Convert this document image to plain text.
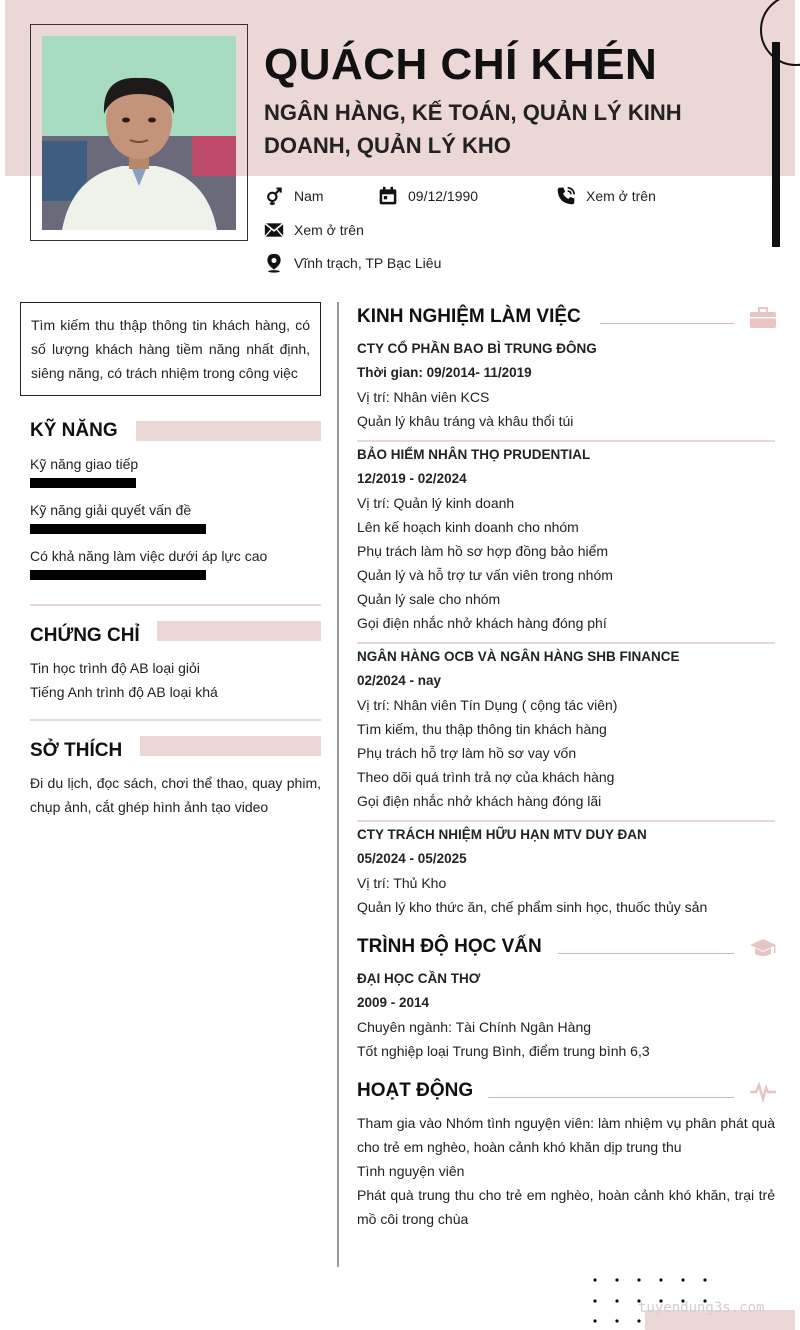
QUÁCH CHÍ KHÉN
NGÂN HÀNG, KẾ TOÁN, QUẢN LÝ KINH DOANH, QUẢN LÝ KHO
Nam	09/12/1990	Xem ở trên
Xem ở trên
Vĩnh trạch, TP Bạc Liêu
Tìm kiếm thu thập thông tin khách hàng, có số lượng khách hàng tiềm năng nhất định, siêng năng, có trách nhiệm trong công việc
KỸ NĂNG
Kỹ năng giao tiếp
Kỹ năng giải quyết vấn đề
Có khả năng làm việc dưới áp lực cao
CHỨNG CHỈ
Tin học trình độ AB loại giỏi
Tiếng Anh trình độ AB loại khá
SỞ THÍCH
Đi du lịch, đọc sách, chơi thể thao, quay phim, chụp ảnh, cắt ghép hình ảnh tạo video
KINH NGHIỆM LÀM VIỆC
CTY CỔ PHẦN BAO BÌ TRUNG ĐÔNG
Thời gian: 09/2014- 11/2019
Vị trí: Nhân viên KCS
Quản lý khâu tráng và khâu thổi túi
BẢO HIỂM NHÂN THỌ PRUDENTIAL
12/2019 - 02/2024
Vị trí: Quản lý kinh doanh
Lên kế hoạch kinh doanh cho nhóm
Phụ trách làm hồ sơ hợp đồng bảo hiểm
Quản lý và hỗ trợ tư vấn viên trong nhóm
Quản lý sale cho nhóm
Gọi điện nhắc nhở khách hàng đóng phí
NGÂN HÀNG OCB VÀ NGÂN HÀNG SHB FINANCE
02/2024 - nay
Vị trí: Nhân viên Tín Dụng ( cộng tác viên)
Tìm kiếm, thu thập thông tin khách hàng
Phụ trách hỗ trợ làm hồ sơ vay vốn
Theo dõi quá trình trả nợ của khách hàng
Gọi điện nhắc nhở khách hàng đóng lãi
CTY TRÁCH NHIỆM HỮU HẠN MTV DUY ĐAN
05/2024 - 05/2025
Vị trí: Thủ Kho
Quản lý kho thức ăn, chế phẩm sinh học, thuốc thủy sản
TRÌNH ĐỘ HỌC VẤN
ĐẠI HỌC CẦN THƠ
2009 - 2014
Chuyên ngành: Tài Chính Ngân Hàng
Tốt nghiệp loại Trung Bình, điểm trung bình 6,3
HOẠT ĐỘNG
Tham gia vào Nhóm tình nguyện viên: làm nhiệm vụ phân phát quà cho trẻ em nghèo, hoàn cảnh khó khăn dịp trung thu
Tình nguyện viên
Phát quà trung thu cho trẻ em nghèo, hoàn cảnh khó khăn, trại trẻ mồ côi trong chùa
tuyendung3s.com
